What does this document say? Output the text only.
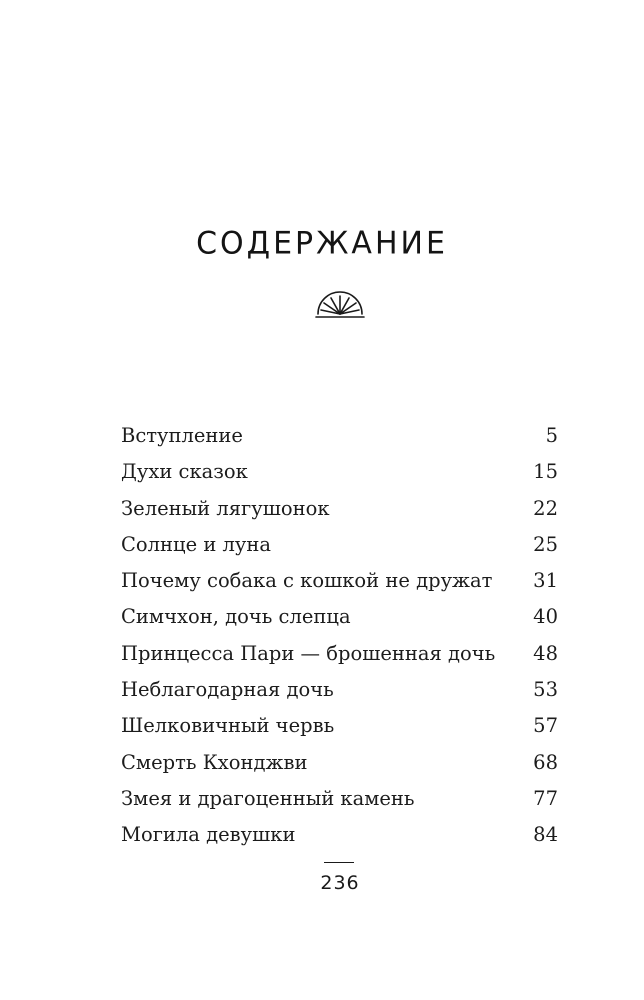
СОДЕРЖАНИЕ
Вступление . . .	5
Духи сказок . . .	15
Зеленый лягушонок . . .	22
Солнце и луна . . .	25
Почему собака с кошкой не дружат . . .	31
Симчхон, дочь слепца . . .	40
Принцесса Пари — брошенная дочь . . .	48
Неблагодарная дочь . . .	53
Шелковичный червь . . .	57
Смерть Кхонджви . . .	68
Змея и драгоценный камень . . .	77
Могила девушки . . .	84
236
